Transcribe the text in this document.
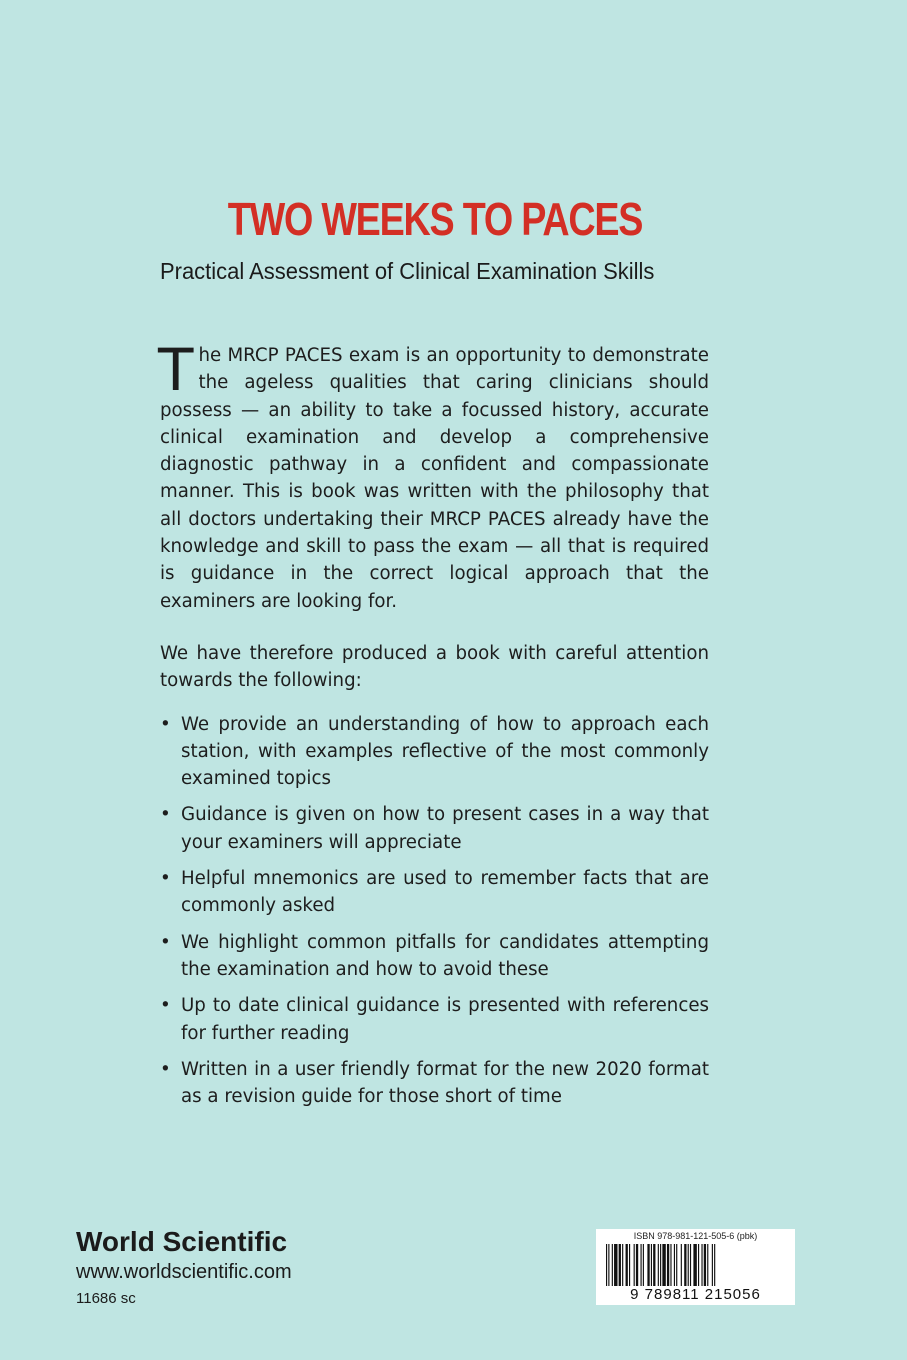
TWO WEEKS TO PACES
Practical Assessment of Clinical Examination Skills

The MRCP PACES exam is an opportunity to demonstrate the ageless qualities that caring clinicians should possess — an ability to take a focussed history, accurate clinical examination and develop a comprehensive diagnostic pathway in a confident and compassionate manner. This is book was written with the philosophy that all doctors undertaking their MRCP PACES already have the knowledge and skill to pass the exam — all that is required is guidance in the correct logical approach that the examiners are looking for.

We have therefore produced a book with careful attention towards the following:

• We provide an understanding of how to approach each station, with examples reflective of the most commonly examined topics
• Guidance is given on how to present cases in a way that your examiners will appreciate
• Helpful mnemonics are used to remember facts that are commonly asked
• We highlight common pitfalls for candidates attempting the examination and how to avoid these
• Up to date clinical guidance is presented with references for further reading
• Written in a user friendly format for the new 2020 format as a revision guide for those short of time
World Scientific
www.worldscientific.com
11686 sc
ISBN 978-981-121-505-6 (pbk)
9 789811 215056
